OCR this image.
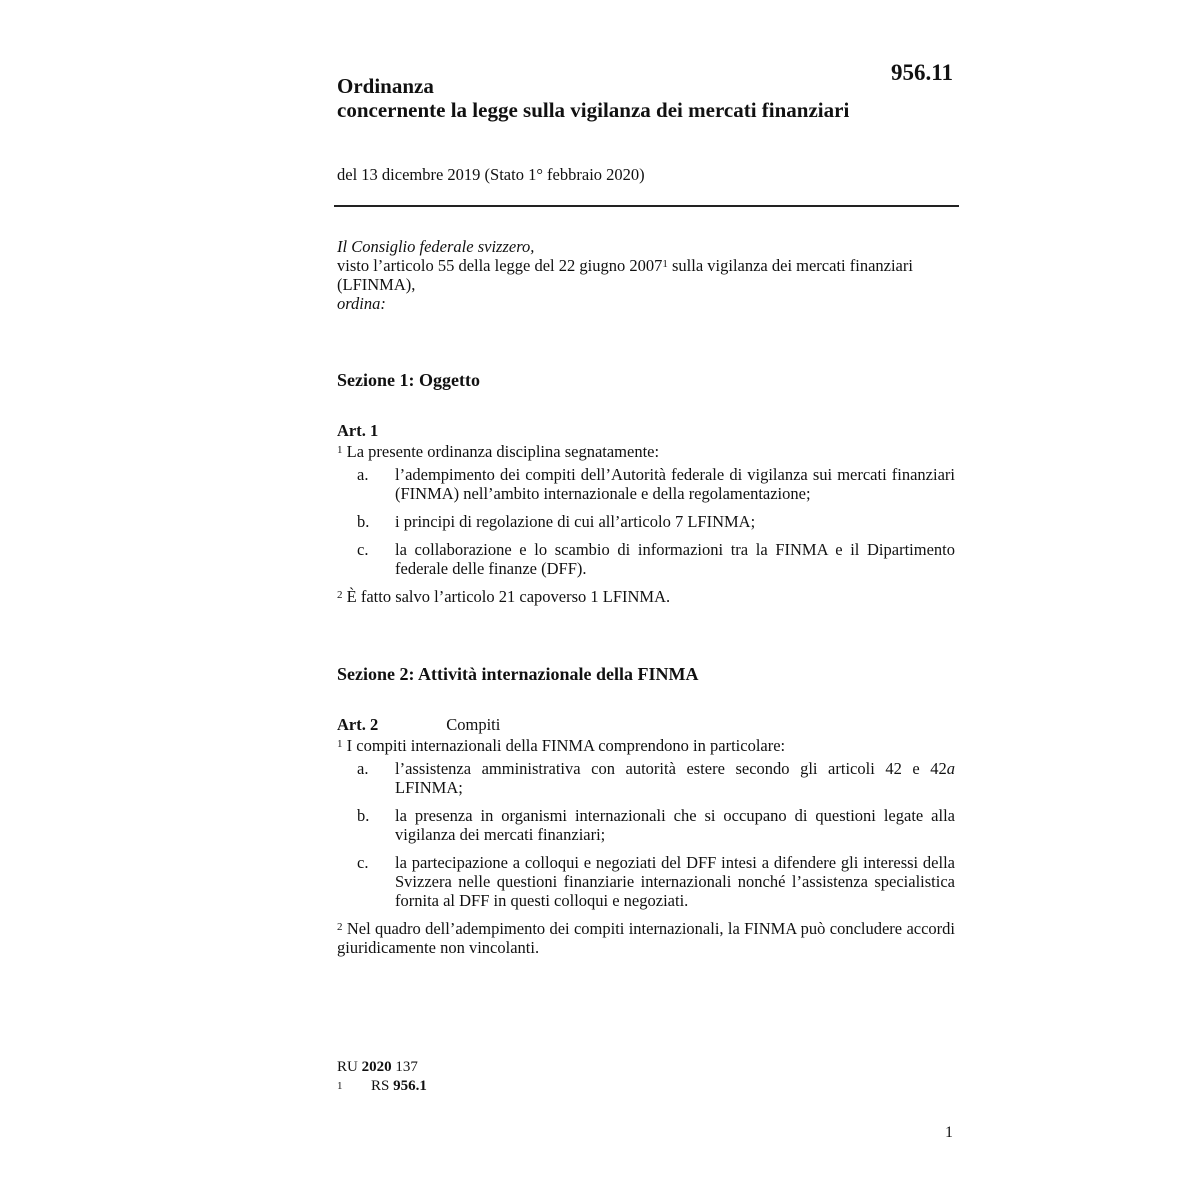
956.11
Ordinanza
concernente la legge sulla vigilanza dei mercati finanziari
del 13 dicembre 2019 (Stato 1° febbraio 2020)

Il Consiglio federale svizzero,

visto l’articolo 55 della legge del 22 giugno 2007$^1$ sulla vigilanza dei mercati finanziari (LFINMA),

ordina:

Sezione 1: Oggetto
Art. 1

$^1$ La presente ordinanza disciplina segnatamente:

a.	l’adempimento dei compiti dell’Autorità federale di vigilanza sui mercati finanziari (FINMA) nell’ambito internazionale e della regolamentazione;
b.	i principi di regolazione di cui all’articolo 7 LFINMA;
c.	la collaborazione e lo scambio di informazioni tra la FINMA e il Dipartimento federale delle finanze (DFF).

$^2$ È fatto salvo l’articolo 21 capoverso 1 LFINMA.

Sezione 2: Attività internazionale della FINMA
Art. 2	Compiti

$^1$ I compiti internazionali della FINMA comprendono in particolare:

a.	l’assistenza amministrativa con autorità estere secondo gli articoli 42 e 42a LFINMA;
b.	la presenza in organismi internazionali che si occupano di questioni legate alla vigilanza dei mercati finanziari;
c.	la partecipazione a colloqui e negoziati del DFF intesi a difendere gli interessi della Svizzera nelle questioni finanziarie internazionali nonché l’assistenza specialistica fornita al DFF in questi colloqui e negoziati.

$^2$ Nel quadro dell’adempimento dei compiti internazionali, la FINMA può concludere accordi giuridicamente non vincolanti.

RU 2020 137
1	RS 956.1
1
